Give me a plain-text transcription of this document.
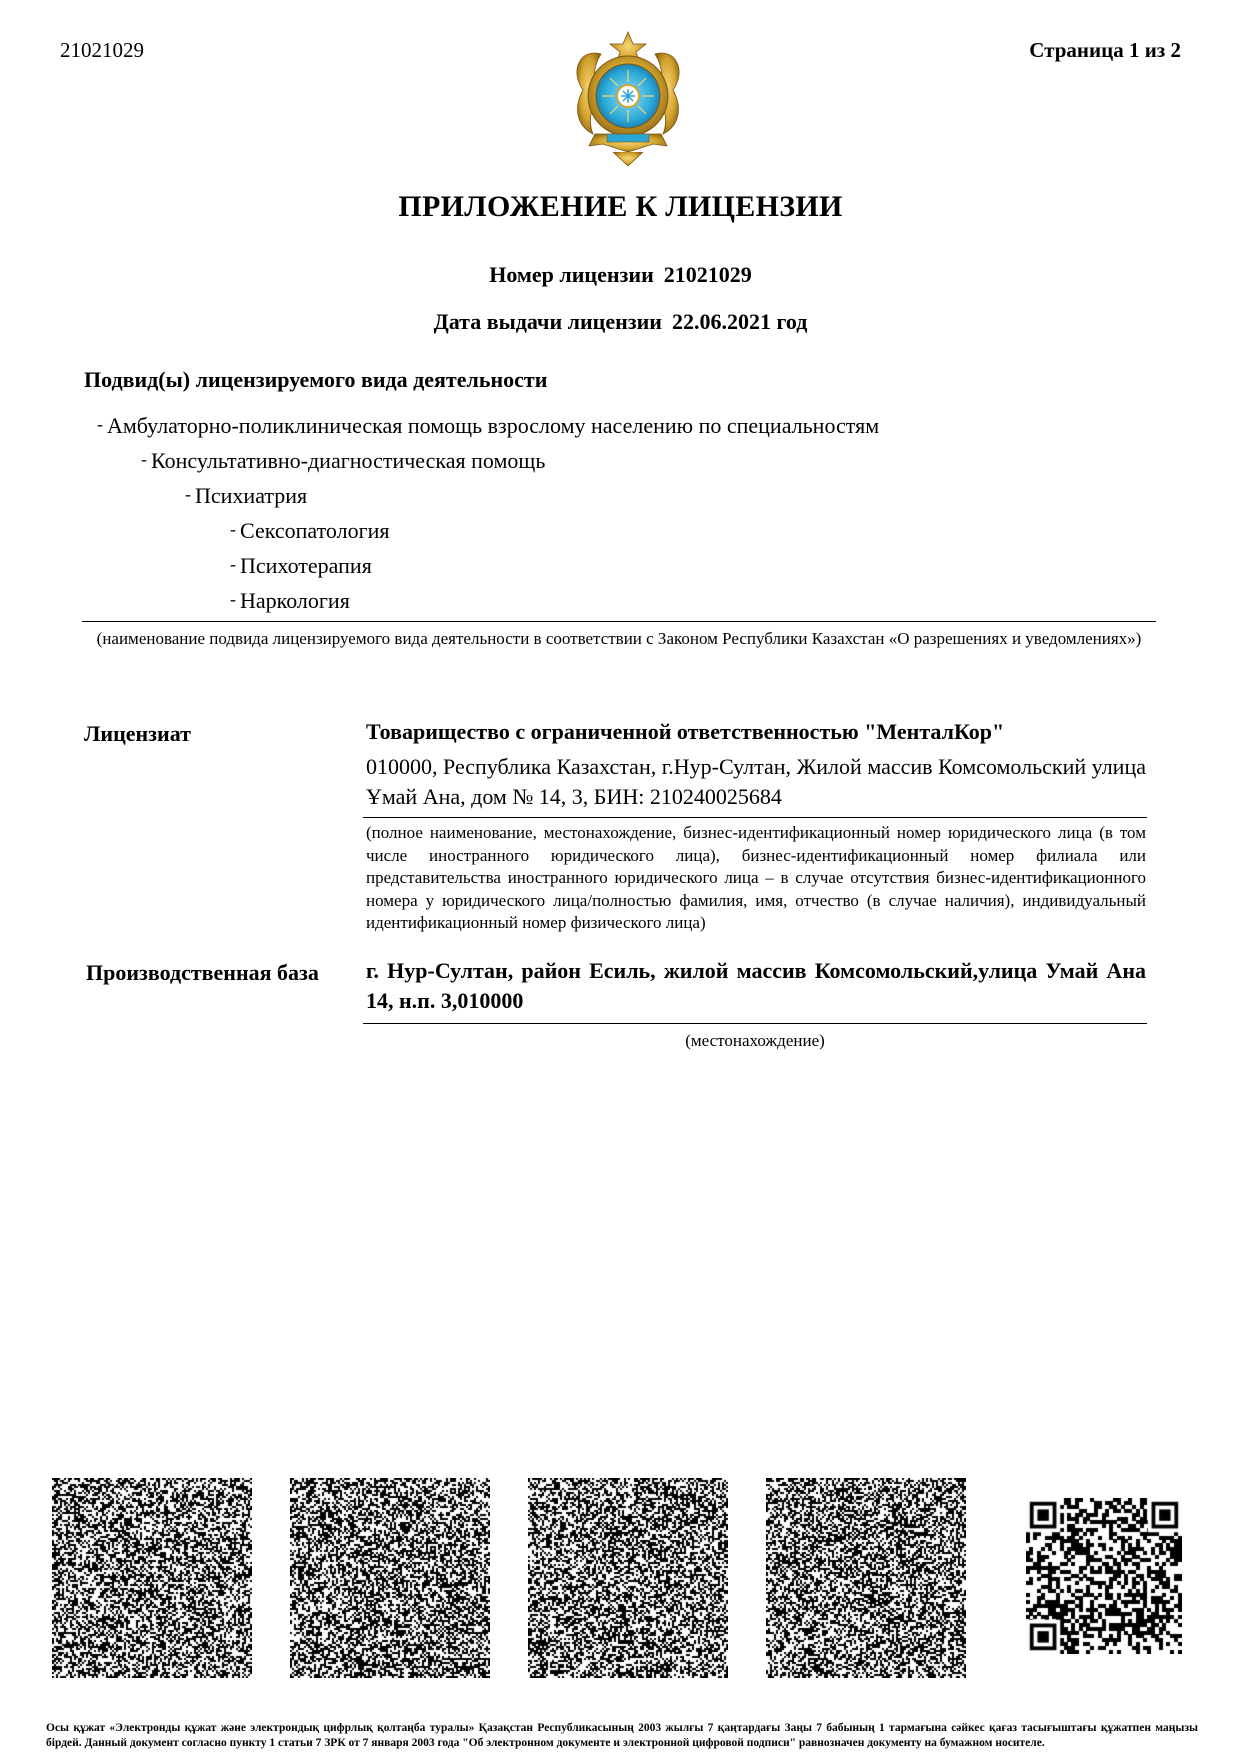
21021029	Страница 1 из 2
ПРИЛОЖЕНИЕ К ЛИЦЕНЗИИ
Номер лицензии 21021029
Дата выдачи лицензии 22.06.2021 год
Подвид(ы) лицензируемого вида деятельности
- Амбулаторно-поликлиническая помощь взрослому населению по специальностям
- Консультативно-диагностическая помощь
- Психиатрия
- Сексопатология
- Психотерапия
- Наркология
(наименование подвида лицензируемого вида деятельности в соответствии с Законом Республики Казахстан «О разрешениях и уведомлениях»)
Лицензиат	Товарищество с ограниченной ответственностью "МенталКор"
010000, Республика Казахстан, г.Нур-Султан, Жилой массив Комсомольский улица Ұмай Ана, дом № 14, 3, БИН: 210240025684
(полное наименование, местонахождение, бизнес-идентификационный номер юридического лица (в том числе иностранного юридического лица), бизнес-идентификационный номер филиала или представительства иностранного юридического лица – в случае отсутствия бизнес-идентификационного номера у юридического лица/полностью фамилия, имя, отчество (в случае наличия), индивидуальный идентификационный номер физического лица)
Производственная база г. Нур-Султан, район Есиль, жилой массив Комсомольский,улица Умай Ана 14, н.п. 3,010000
(местонахождение)
Осы құжат «Электронды құжат және электрондық цифрлық қолтаңба туралы» Қазақстан Республикасының 2003 жылғы 7 қаңтардағы Заңы 7 бабының 1 тармағына сәйкес қағаз тасығыштағы құжатпен маңызы бірдей. Данный документ согласно пункту 1 статьи 7 ЗРК от 7 января 2003 года "Об электронном документе и электронной цифровой подписи" равнозначен документу на бумажном носителе.
